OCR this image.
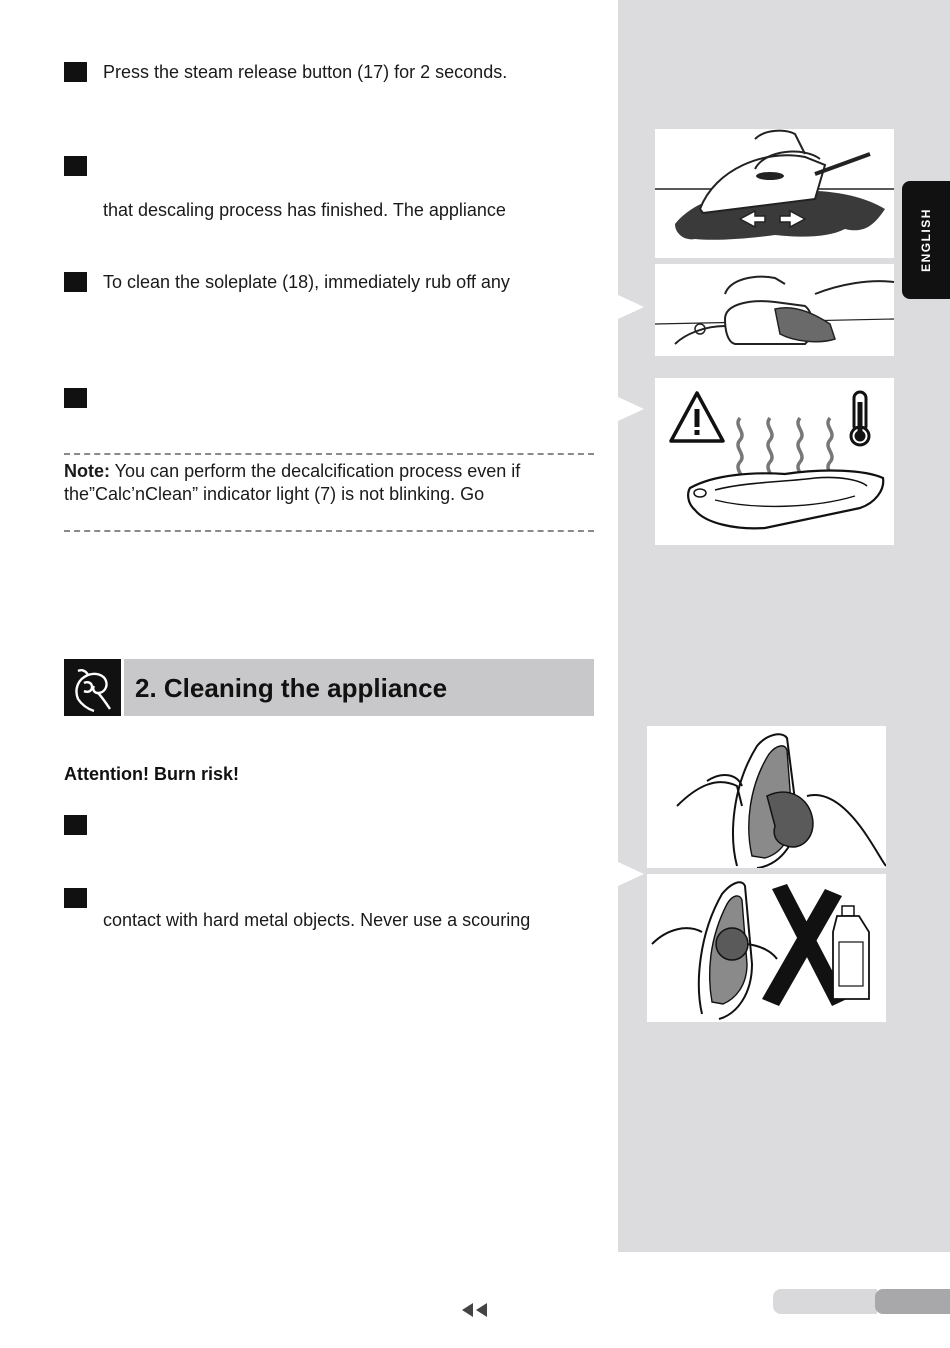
ENGLISH
Press the steam release button (17) for 2 seconds.
that descaling process has finished. The appliance
To clean the soleplate (18), immediately rub off any
Note: You can perform the decalcification process even if
the”Calc’nClean” indicator light (7) is not blinking. Go
2. Cleaning the appliance
Attention! Burn risk!
contact with hard metal objects. Never use a scouring
